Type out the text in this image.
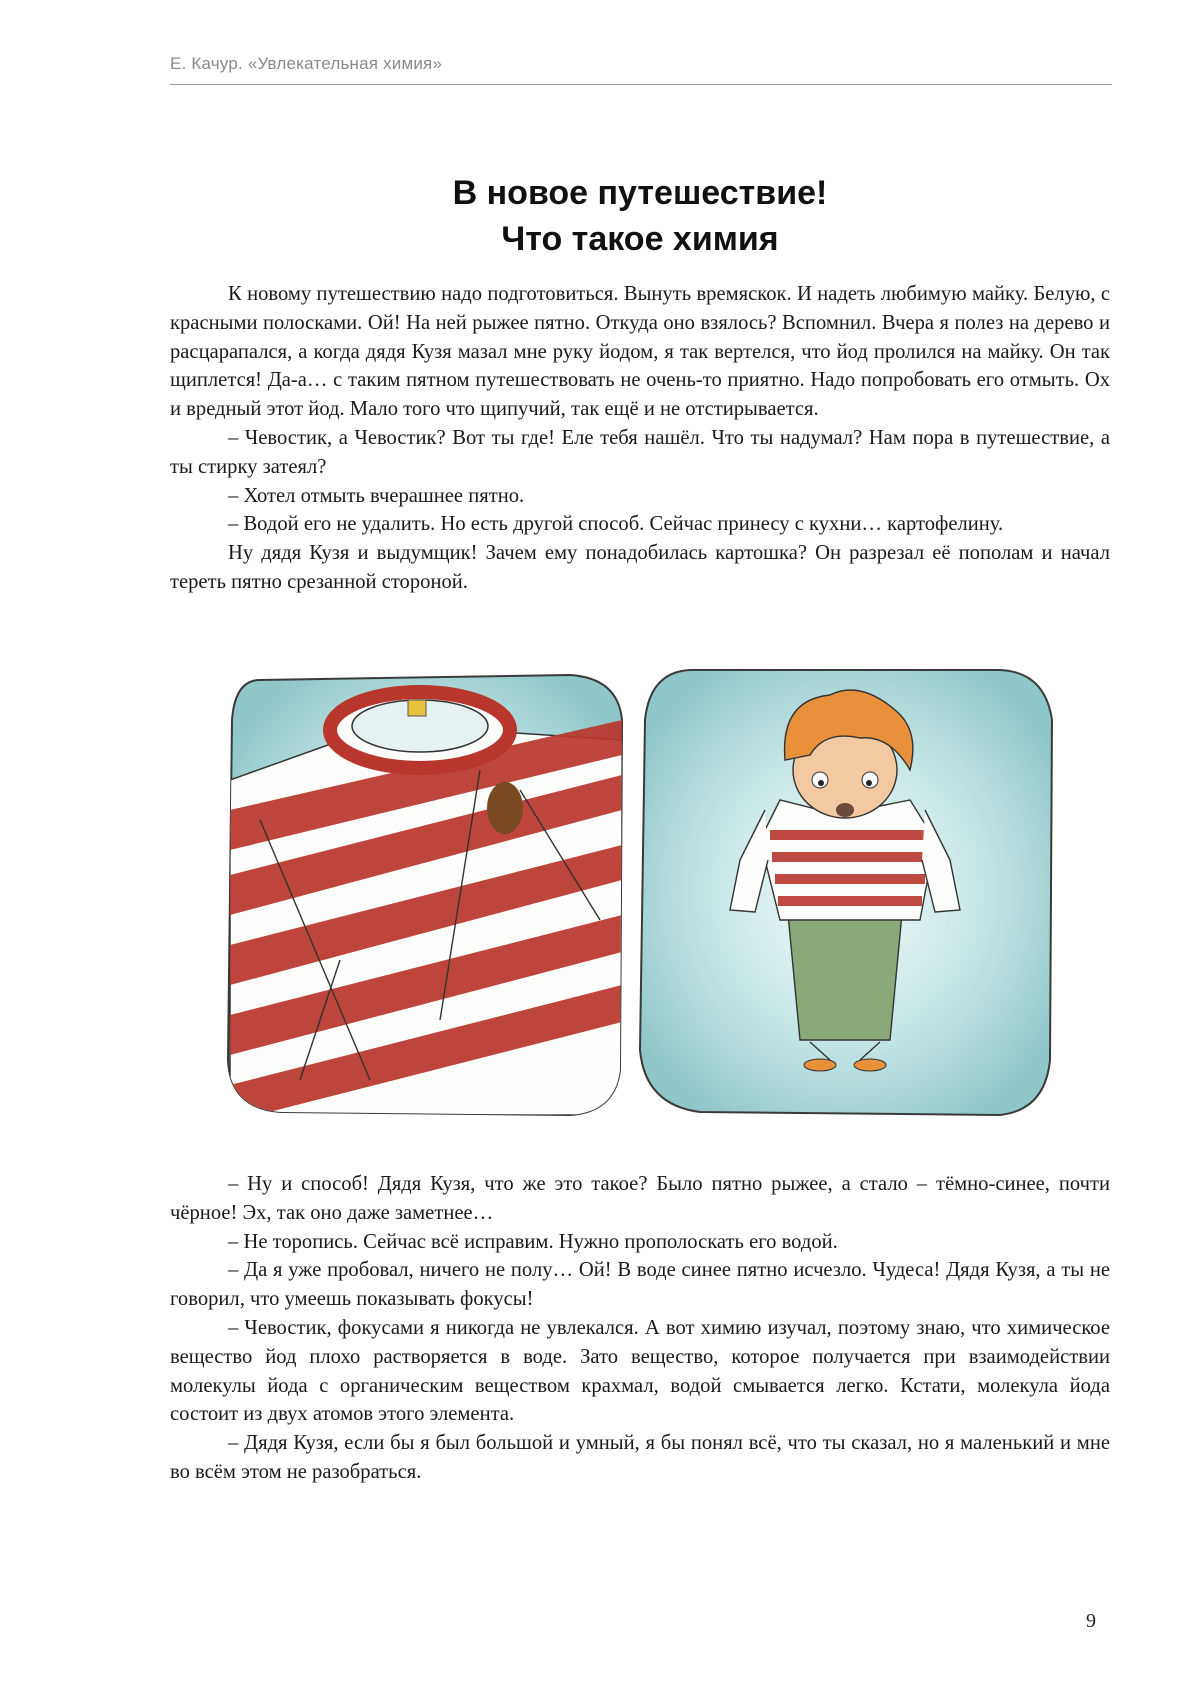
Е. Качур. «Увлекательная химия»
В новое путешествие!
Что такое химия

К новому путешествию надо подготовиться. Вынуть времяскок. И надеть любимую майку. Белую, с красными полосками. Ой! На ней рыжее пятно. Откуда оно взялось? Вспомнил. Вчера я полез на дерево и расцарапался, а когда дядя Кузя мазал мне руку йодом, я так вертелся, что йод пролился на майку. Он так щиплется! Да-а… с таким пятном путешествовать не очень-то приятно. Надо попробовать его отмыть. Ох и вредный этот йод. Мало того что щипучий, так ещё и не отстирывается.

– Чевостик, а Чевостик? Вот ты где! Еле тебя нашёл. Что ты надумал? Нам пора в путешествие, а ты стирку затеял?

– Хотел отмыть вчерашнее пятно.

– Водой его не удалить. Но есть другой способ. Сейчас принесу с кухни… картофелину.

Ну дядя Кузя и выдумщик! Зачем ему понадобилась картошка? Он разрезал её пополам и начал тереть пятно срезанной стороной.

– Ну и способ! Дядя Кузя, что же это такое? Было пятно рыжее, а стало – тёмно-синее, почти чёрное! Эх, так оно даже заметнее…

– Не торопись. Сейчас всё исправим. Нужно прополоскать его водой.

– Да я уже пробовал, ничего не полу… Ой! В воде синее пятно исчезло. Чудеса! Дядя Кузя, а ты не говорил, что умеешь показывать фокусы!

– Чевостик, фокусами я никогда не увлекался. А вот химию изучал, поэтому знаю, что химическое вещество йод плохо растворяется в воде. Зато вещество, которое получается при взаимодействии молекулы йода с органическим веществом крахмал, водой смывается легко. Кстати, молекула йода состоит из двух атомов этого элемента.

– Дядя Кузя, если бы я был большой и умный, я бы понял всё, что ты сказал, но я маленький и мне во всём этом не разобраться.

9
